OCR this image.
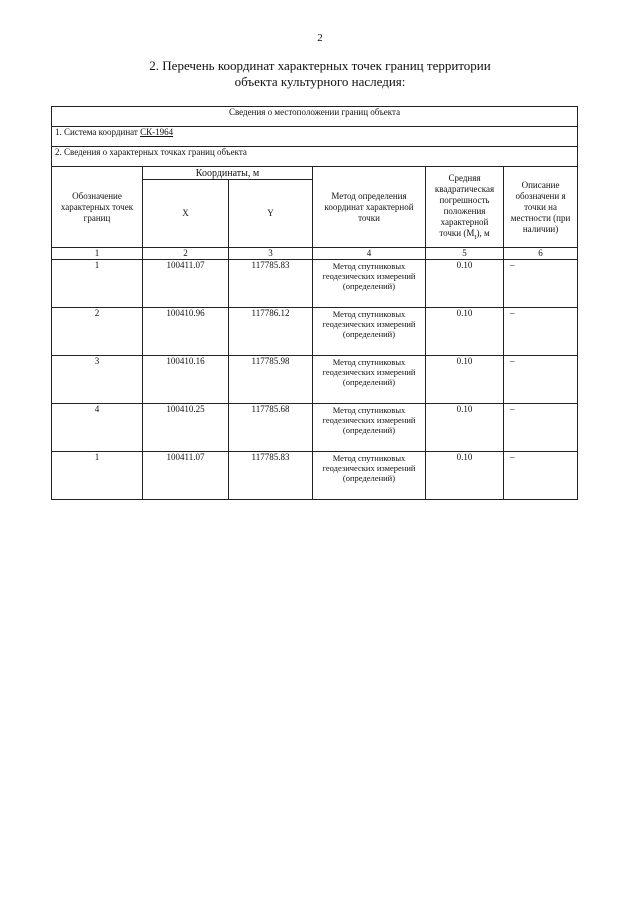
2
2. Перечень координат характерных точек границ территории
объекта культурного наследия:
Сведения о местоположении границ объекта					
1. Система координат СК-1964					
2. Сведения о характерных точках границ объекта					
Обозначение характерных точек границ	Координаты, м		Метод определения координат характерной точки	Средняя квадратическая погрешность положения характерной точки $(M_t)$, м	Описание обозначени я точки на местности (при наличии)
	X	Y			
1	2	3	4	5	6
1	100411.07	117785.83	Метод спутниковых геодезических измерений (определений)	0.10	–
2	100410.96	117786.12	Метод спутниковых геодезических измерений (определений)	0.10	–
3	100410.16	117785.98	Метод спутниковых геодезических измерений (определений)	0.10	–
4	100410.25	117785.68	Метод спутниковых геодезических измерений (определений)	0.10	–
1	100411.07	117785.83	Метод спутниковых геодезических измерений (определений)	0.10	–
